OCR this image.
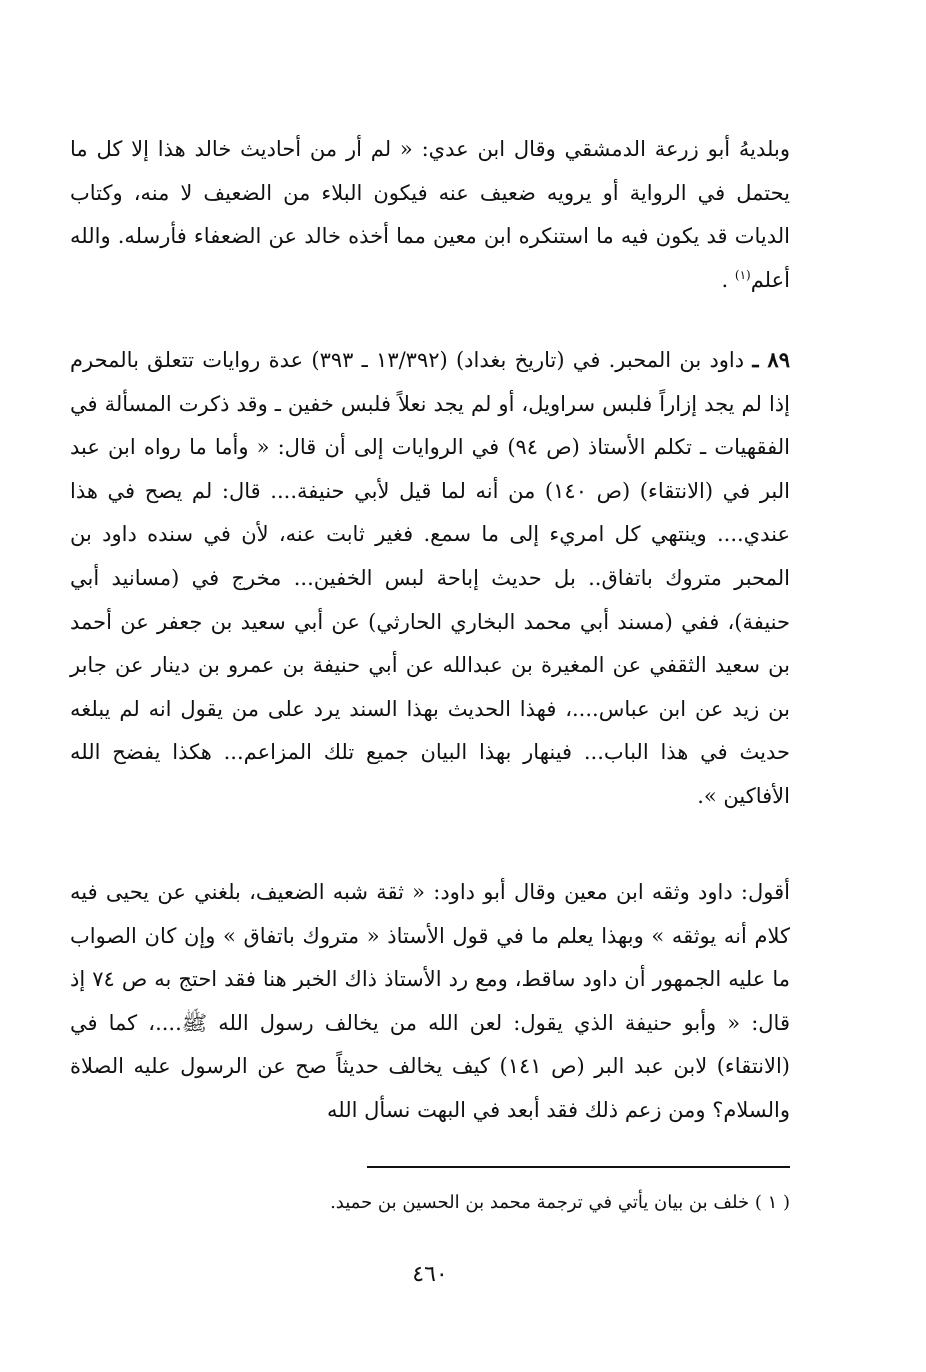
وبلديهُ أبو زرعة الدمشقي وقال ابن عدي: « لم أر من أحاديث خالد هذا إلا كل ما يحتمل في الرواية أو يرويه ضعيف عنه فيكون البلاء من الضعيف لا منه، وكتاب الديات قد يكون فيه ما استنكره ابن معين مما أخذه خالد عن الضعفاء فأرسله. والله أعلم$^{(١)}$ .

٨٩ ـ داود بن المحبر. في (تاريخ بغداد) (١٣/٣٩٢ ـ ٣٩٣) عدة روايات تتعلق بالمحرم إذا لم يجد إزاراً فلبس سراويل، أو لم يجد نعلاً فلبس خفين ـ وقد ذكرت المسألة في الفقهيات ـ تكلم الأستاذ (ص ٩٤) في الروايات إلى أن قال: « وأما ما رواه ابن عبد البر في (الانتقاء) (ص ١٤٠) من أنه لما قيل لأبي حنيفة.... قال: لم يصح في هذا عندي.... وينتهي كل امريء إلى ما سمع. فغير ثابت عنه، لأن في سنده داود بن المحبر متروك باتفاق.. بل حديث إباحة لبس الخفين... مخرج في (مسانيد أبي حنيفة)، ففي (مسند أبي محمد البخاري الحارثي) عن أبي سعيد بن جعفر عن أحمد بن سعيد الثقفي عن المغيرة بن عبدالله عن أبي حنيفة بن عمرو بن دينار عن جابر بن زيد عن ابن عباس....، فهذا الحديث بهذا السند يرد على من يقول انه لم يبلغه حديث في هذا الباب... فينهار بهذا البيان جميع تلك المزاعم... هكذا يفضح الله الأفاكين ».

أقول: داود وثقه ابن معين وقال أبو داود: « ثقة شبه الضعيف، بلغني عن يحيى فيه كلام أنه يوثقه » وبهذا يعلم ما في قول الأستاذ « متروك باتفاق » وإن كان الصواب ما عليه الجمهور أن داود ساقط، ومع رد الأستاذ ذاك الخبر هنا فقد احتج به ص ٧٤ إذ قال: « وأبو حنيفة الذي يقول: لعن الله من يخالف رسول الله ﷺ....، كما في (الانتقاء) لابن عبد البر (ص ١٤١) كيف يخالف حديثاً صح عن الرسول عليه الصلاة والسلام؟ ومن زعم ذلك فقد أبعد في البهت نسأل الله

( ١ ) خلف بن بيان يأتي في ترجمة محمد بن الحسين بن حميد.
٤٦٠
